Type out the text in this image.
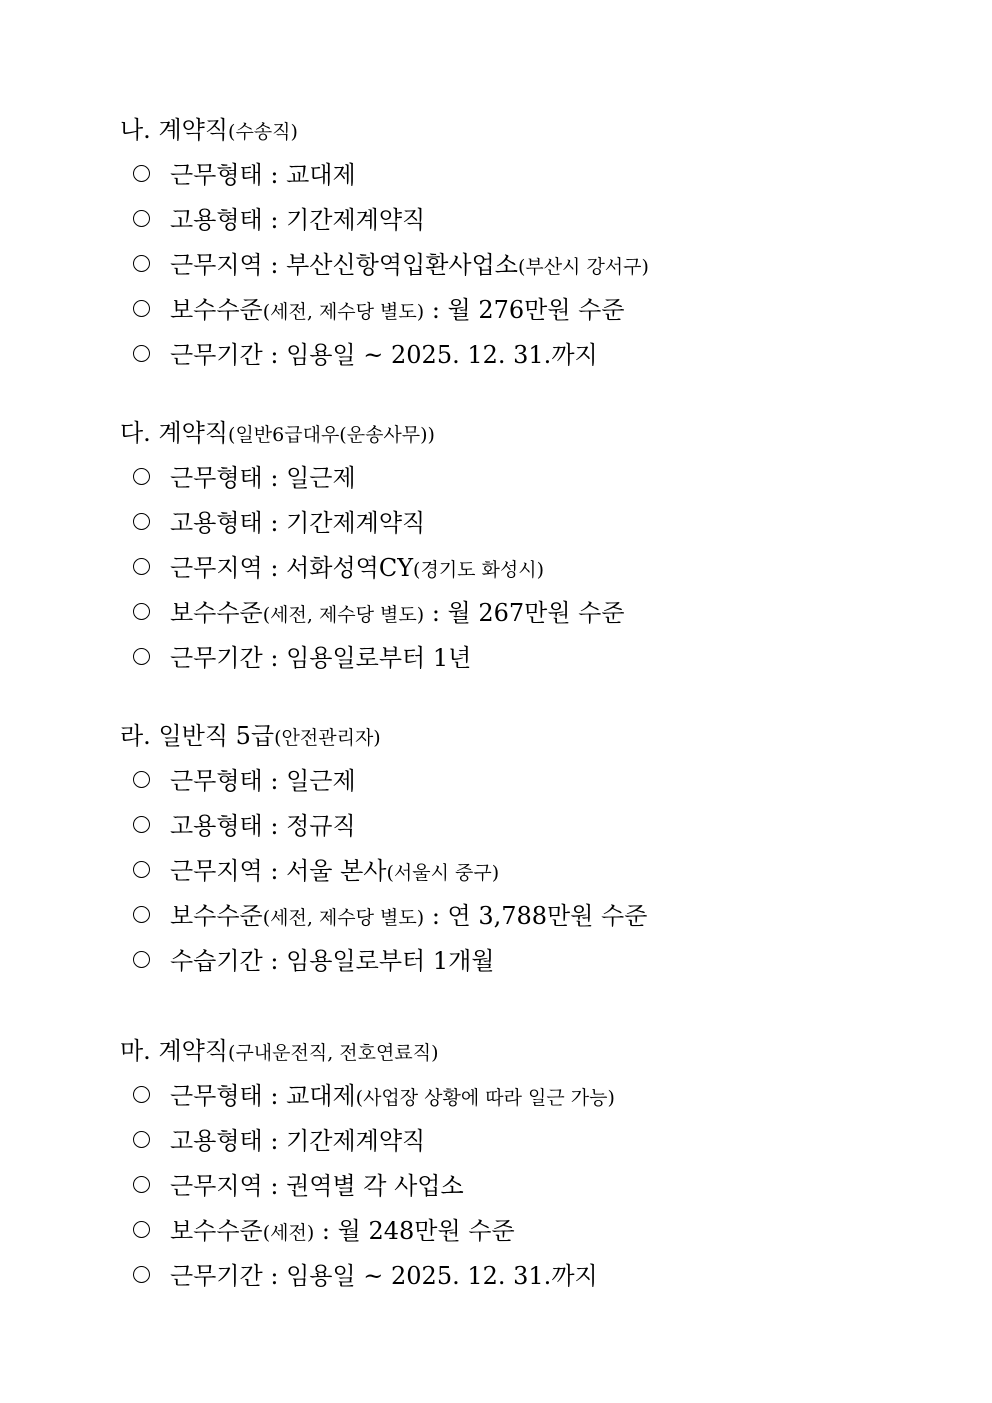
나. 계약직(수송직)
근무형태 : 교대제
고용형태 : 기간제계약직
근무지역 : 부산신항역입환사업소(부산시 강서구)
보수수준(세전, 제수당 별도) : 월 276만원 수준
근무기간 : 임용일 ~ 2025. 12. 31.까지
다. 계약직(일반6급대우(운송사무))
근무형태 : 일근제
고용형태 : 기간제계약직
근무지역 : 서화성역CY(경기도 화성시)
보수수준(세전, 제수당 별도) : 월 267만원 수준
근무기간 : 임용일로부터 1년
라. 일반직 5급(안전관리자)
근무형태 : 일근제
고용형태 : 정규직
근무지역 : 서울 본사(서울시 중구)
보수수준(세전, 제수당 별도) : 연 3,788만원 수준
수습기간 : 임용일로부터 1개월
마. 계약직(구내운전직, 전호연료직)
근무형태 : 교대제(사업장 상황에 따라 일근 가능)
고용형태 : 기간제계약직
근무지역 : 권역별 각 사업소
보수수준(세전) : 월 248만원 수준
근무기간 : 임용일 ~ 2025. 12. 31.까지
